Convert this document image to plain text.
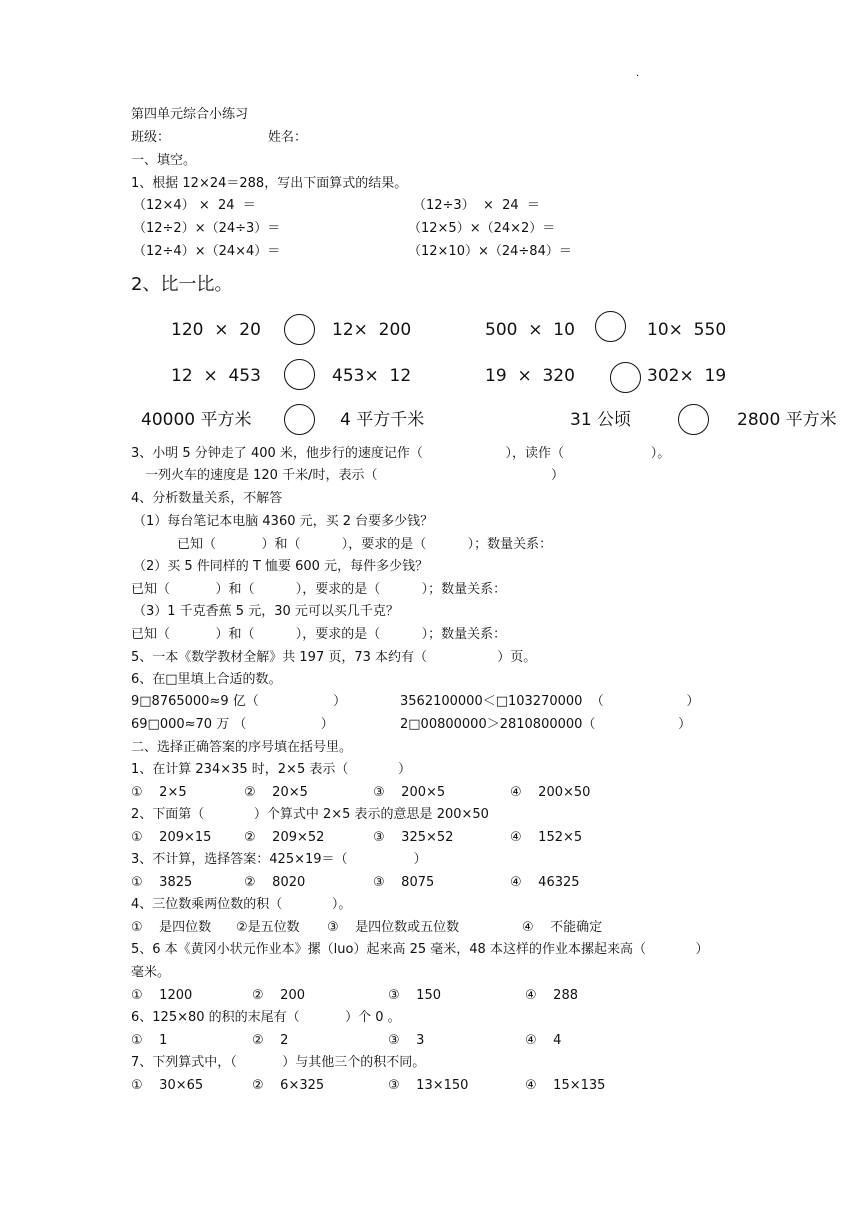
.
第四单元综合小练习
班级：	姓名：
一、填空。
1、根据 12×24＝288，写出下面算式的结果。
（12×4） ×  24  ＝	（12÷3）  ×  24  ＝
（12÷2）×（24÷3）＝	（12×5）×（24×2）＝
（12÷4）×（24×4）＝	（12×10）×（24÷84）＝
2、比一比。
120  ×  20	12×  200	500  ×  10	10×  550
12  ×  453	453×  12	19  ×  320	302×  19
40000 平方米	4 平方千米	31 公顷	2800 平方米
3、小明 5 分钟走了 400 米，他步行的速度记作（                    ），读作（                     ）。
一列火车的速度是 120 千米/时，表示（                                          ）
4、分析数量关系，不解答
（1）每台笔记本电脑 4360 元，买 2 台要多少钱？
已知（           ）和（          ），要求的是（          ）；数量关系：
（2）买 5 件同样的 T 恤要 600 元，每件多少钱？
已知（           ）和（          ），要求的是（          ）；数量关系：
（3）1 千克香蕉 5 元，30 元可以买几千克？
已知（           ）和（          ），要求的是（          ）；数量关系：
5、一本《数学教材全解》共 197 页，73 本约有（                 ）页。
6、在□里填上合适的数。
9□8765000≈9 亿（                  ）	3562100000＜□103270000  （                    ）
69□000≈70 万 （                  ）	2□00800000＞2810800000（                    ）
二、选择正确答案的序号填在括号里。
1、在计算 234×35 时，2×5 表示（            ）
①    2×5	②    20×5	③    200×5	④    200×50
2、下面第（            ）个算式中 2×5 表示的意思是 200×50
①    209×15	②    209×52	③    325×52	④    152×5
3、不计算，选择答案：425×19＝（                ）
①    3825	②    8020	③    8075	④    46325
4、三位数乘两位数的积（            ）。
①    是四位数 ②是五位数 ③    是四位数或五位数	④    不能确定
5、6 本《黄冈小状元作业本》摞（luo）起来高 25 毫米，48 本这样的作业本摞起来高（            ）
毫米。
①    1200	②    200	③    150	④    288
6、125×80 的积的末尾有（           ）个 0 。
①    1	②    2	③    3	④    4
7、下列算式中，（           ）与其他三个的积不同。
①    30×65	②    6×325	③    13×150	④    15×135
